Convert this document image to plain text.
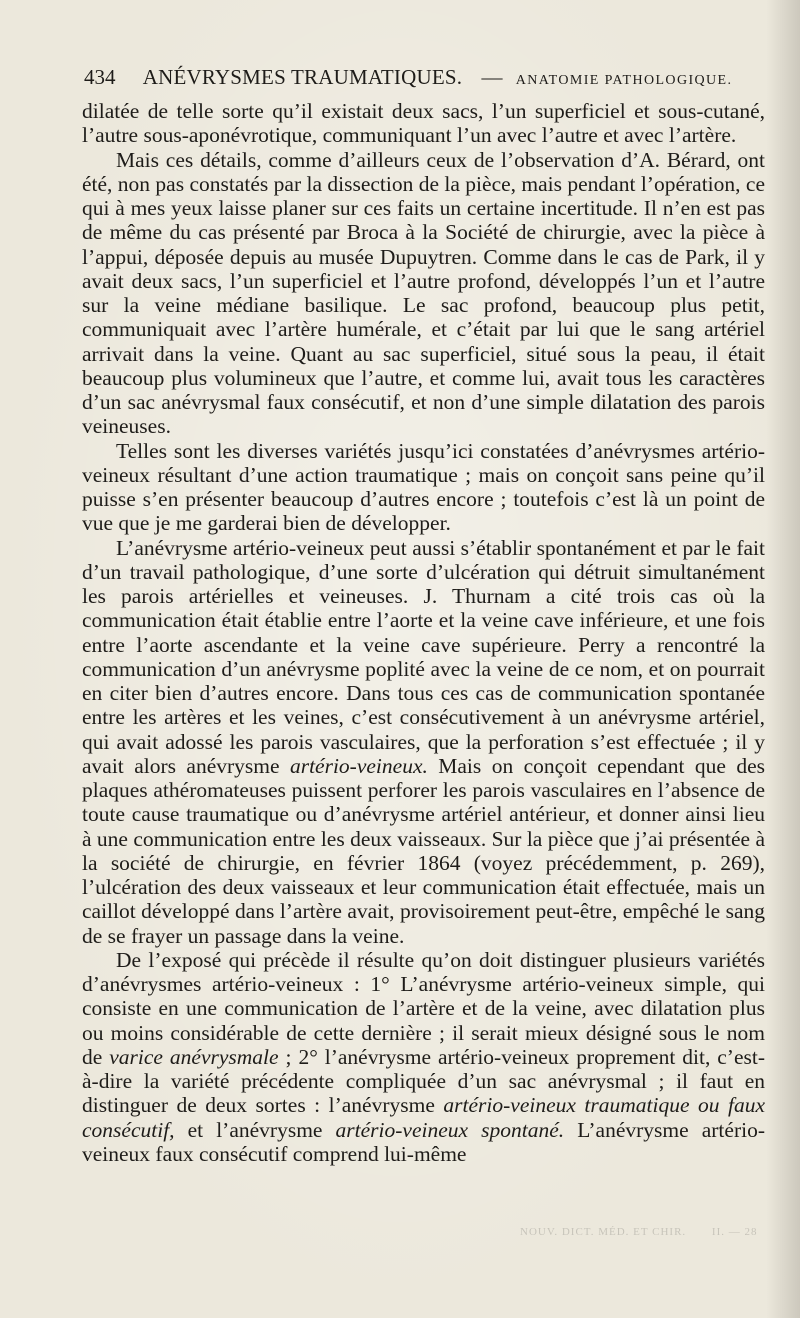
434 ANÉVRYSMES TRAUMATIQUES. — ANATOMIE PATHOLOGIQUE.

dilatée de telle sorte qu’il existait deux sacs, l’un superficiel et sous-cutané, l’autre sous-aponévrotique, communiquant l’un avec l’autre et avec l’artère.

Mais ces détails, comme d’ailleurs ceux de l’observation d’A. Bérard, ont été, non pas constatés par la dissection de la pièce, mais pendant l’opération, ce qui à mes yeux laisse planer sur ces faits un certaine incertitude. Il n’en est pas de même du cas présenté par Broca à la Société de chirurgie, avec la pièce à l’appui, déposée depuis au musée Dupuytren. Comme dans le cas de Park, il y avait deux sacs, l’un superficiel et l’autre profond, développés l’un et l’autre sur la veine médiane basilique. Le sac profond, beaucoup plus petit, communiquait avec l’artère humérale, et c’était par lui que le sang artériel arrivait dans la veine. Quant au sac superficiel, situé sous la peau, il était beaucoup plus volumineux que l’autre, et comme lui, avait tous les caractères d’un sac anévrysmal faux consécutif, et non d’une simple dilatation des parois veineuses.

Telles sont les diverses variétés jusqu’ici constatées d’anévrysmes artério-veineux résultant d’une action traumatique ; mais on conçoit sans peine qu’il puisse s’en présenter beaucoup d’autres encore ; toutefois c’est là un point de vue que je me garderai bien de développer.

L’anévrysme artério-veineux peut aussi s’établir spontanément et par le fait d’un travail pathologique, d’une sorte d’ulcération qui détruit simultanément les parois artérielles et veineuses. J. Thurnam a cité trois cas où la communication était établie entre l’aorte et la veine cave inférieure, et une fois entre l’aorte ascendante et la veine cave supérieure. Perry a rencontré la communication d’un anévrysme poplité avec la veine de ce nom, et on pourrait en citer bien d’autres encore. Dans tous ces cas de communication spontanée entre les artères et les veines, c’est consécutivement à un anévrysme artériel, qui avait adossé les parois vasculaires, que la perforation s’est effectuée ; il y avait alors anévrysme artério-veineux. Mais on conçoit cependant que des plaques athéromateuses puissent perforer les parois vasculaires en l’absence de toute cause traumatique ou d’anévrysme artériel antérieur, et donner ainsi lieu à une communication entre les deux vaisseaux. Sur la pièce que j’ai présentée à la société de chirurgie, en février 1864 (voyez précédemment, p. 269), l’ulcération des deux vaisseaux et leur communication était effectuée, mais un caillot développé dans l’artère avait, provisoirement peut-être, empêché le sang de se frayer un passage dans la veine.

De l’exposé qui précède il résulte qu’on doit distinguer plusieurs variétés d’anévrysmes artério-veineux : 1° L’anévrysme artério-veineux simple, qui consiste en une communication de l’artère et de la veine, avec dilatation plus ou moins considérable de cette dernière ; il serait mieux désigné sous le nom de varice anévrysmale ; 2° l’anévrysme artério-veineux proprement dit, c’est-à-dire la variété précédente compliquée d’un sac anévrysmal ; il faut en distinguer de deux sortes : l’anévrysme artério-veineux traumatique ou faux consécutif, et l’anévrysme artério-veineux spontané. L’anévrysme artério-veineux faux consécutif comprend lui-même

NOUV. DICT. MÉD. ET CHIR. II. — 28
